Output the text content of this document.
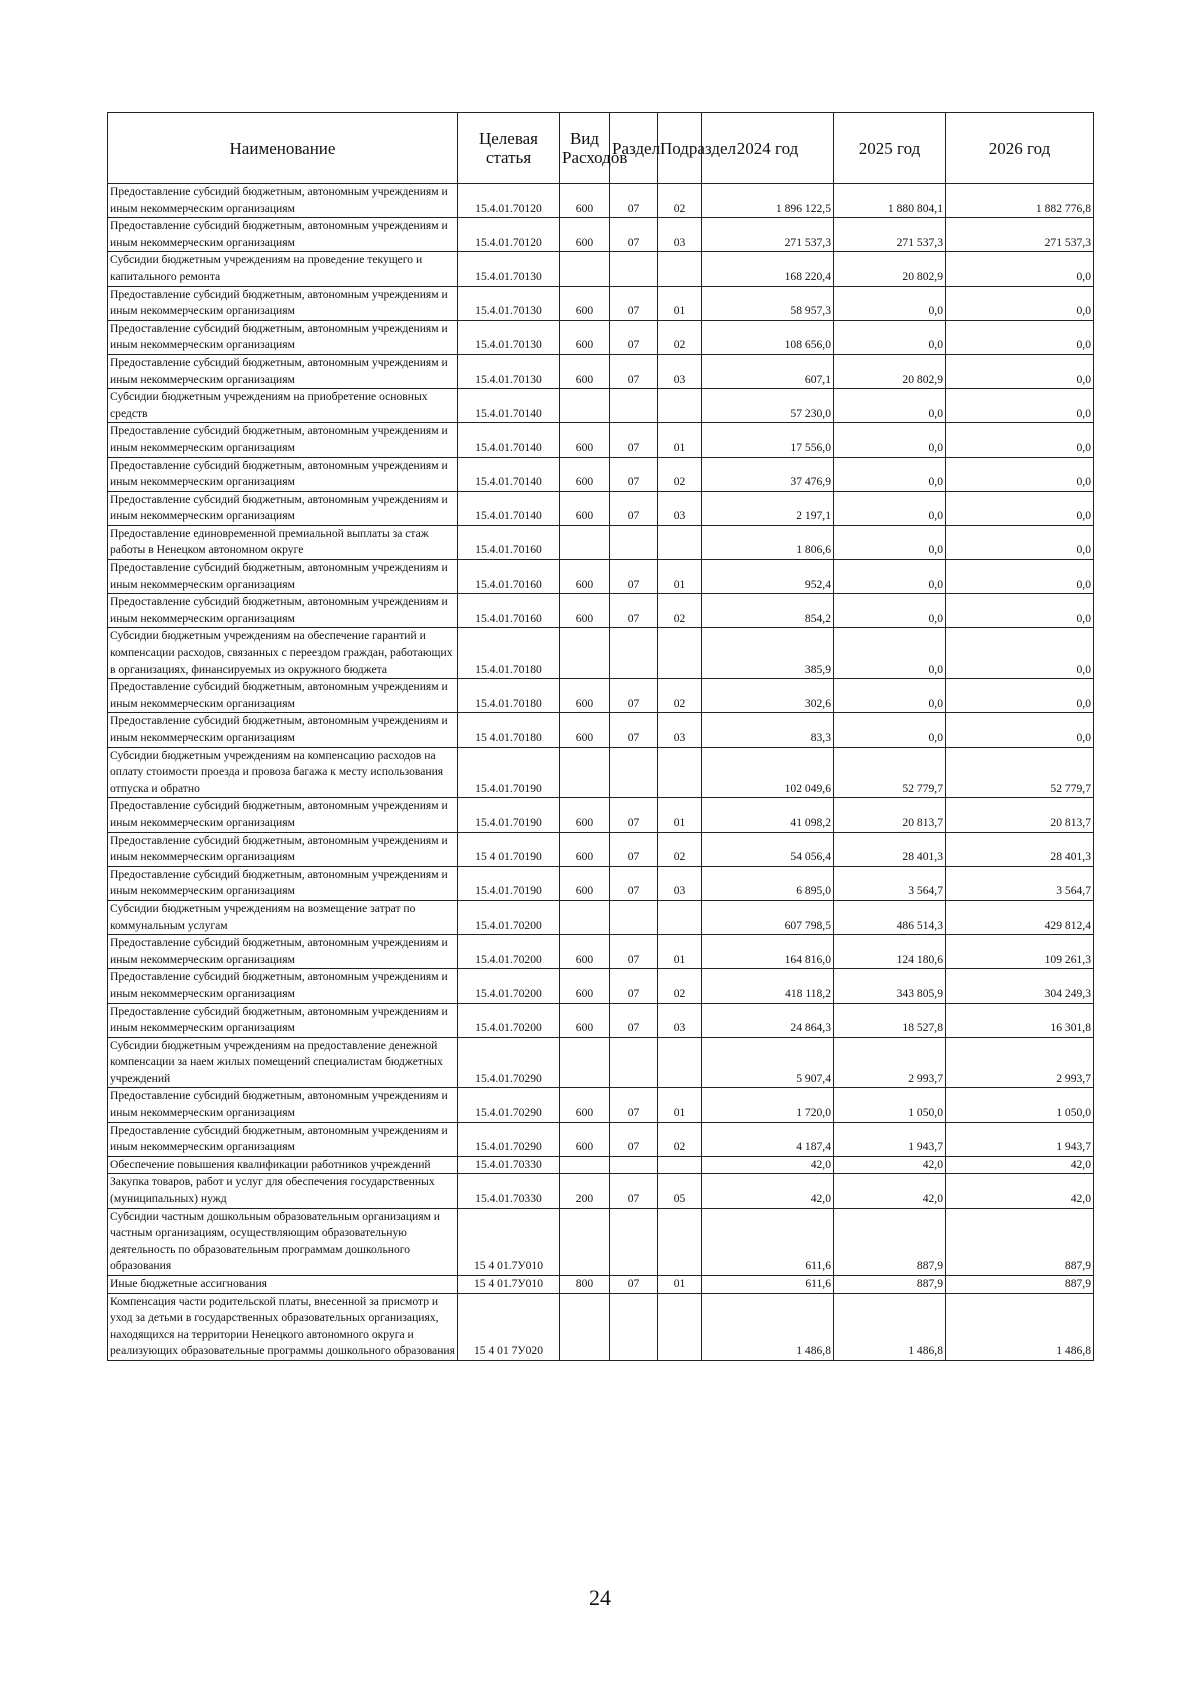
Наименование	Целевая статья	Вид Расходов	Раздел	Подраздел	2024 год	2025 год	2026 год
Предоставление субсидий бюджетным, автономным учреждениям и иным некоммерческим организациям	15.4.01.70120	600	07	02	1 896 122,5	1 880 804,1	1 882 776,8
Предоставление субсидий бюджетным, автономным учреждениям и иным некоммерческим организациям	15.4.01.70120	600	07	03	271 537,3	271 537,3	271 537,3
Субсидии бюджетным учреждениям на проведение текущего и капитального ремонта	15.4.01.70130				168 220,4	20 802,9	0,0
Предоставление субсидий бюджетным, автономным учреждениям и иным некоммерческим организациям	15.4.01.70130	600	07	01	58 957,3	0,0	0,0
Предоставление субсидий бюджетным, автономным учреждениям и иным некоммерческим организациям	15.4.01.70130	600	07	02	108 656,0	0,0	0,0
Предоставление субсидий бюджетным, автономным учреждениям и иным некоммерческим организациям	15.4.01.70130	600	07	03	607,1	20 802,9	0,0
Субсидии бюджетным учреждениям на приобретение основных средств	15.4.01.70140				57 230,0	0,0	0,0
Предоставление субсидий бюджетным, автономным учреждениям и иным некоммерческим организациям	15.4.01.70140	600	07	01	17 556,0	0,0	0,0
Предоставление субсидий бюджетным, автономным учреждениям и иным некоммерческим организациям	15.4.01.70140	600	07	02	37 476,9	0,0	0,0
Предоставление субсидий бюджетным, автономным учреждениям и иным некоммерческим организациям	15.4.01.70140	600	07	03	2 197,1	0,0	0,0
Предоставление единовременной премиальной выплаты за стаж работы в Ненецком автономном округе	15.4.01.70160				1 806,6	0,0	0,0
Предоставление субсидий бюджетным, автономным учреждениям и иным некоммерческим организациям	15.4.01.70160	600	07	01	952,4	0,0	0,0
Предоставление субсидий бюджетным, автономным учреждениям и иным некоммерческим организациям	15.4.01.70160	600	07	02	854,2	0,0	0,0
Субсидии бюджетным учреждениям на обеспечение гарантий и компенсации расходов, связанных с переездом граждан, работающих в организациях, финансируемых из окружного бюджета	15.4.01.70180				385,9	0,0	0,0
Предоставление субсидий бюджетным, автономным учреждениям и иным некоммерческим организациям	15.4.01.70180	600	07	02	302,6	0,0	0,0
Предоставление субсидий бюджетным, автономным учреждениям и иным некоммерческим организациям	15 4.01.70180	600	07	03	83,3	0,0	0,0
Субсидии бюджетным учреждениям на компенсацию расходов на оплату стоимости проезда и провоза багажа к месту использования отпуска и обратно	15.4.01.70190				102 049,6	52 779,7	52 779,7
Предоставление субсидий бюджетным, автономным учреждениям и иным некоммерческим организациям	15.4.01.70190	600	07	01	41 098,2	20 813,7	20 813,7
Предоставление субсидий бюджетным, автономным учреждениям и иным некоммерческим организациям	15 4 01.70190	600	07	02	54 056,4	28 401,3	28 401,3
Предоставление субсидий бюджетным, автономным учреждениям и иным некоммерческим организациям	15.4.01.70190	600	07	03	6 895,0	3 564,7	3 564,7
Субсидии бюджетным учреждениям на возмещение затрат по коммунальным услугам	15.4.01.70200				607 798,5	486 514,3	429 812,4
Предоставление субсидий бюджетным, автономным учреждениям и иным некоммерческим организациям	15.4.01.70200	600	07	01	164 816,0	124 180,6	109 261,3
Предоставление субсидий бюджетным, автономным учреждениям и иным некоммерческим организациям	15.4.01.70200	600	07	02	418 118,2	343 805,9	304 249,3
Предоставление субсидий бюджетным, автономным учреждениям и иным некоммерческим организациям	15.4.01.70200	600	07	03	24 864,3	18 527,8	16 301,8
Субсидии бюджетным учреждениям на предоставление денежной компенсации за наем жилых помещений специалистам бюджетных учреждений	15.4.01.70290				5 907,4	2 993,7	2 993,7
Предоставление субсидий бюджетным, автономным учреждениям и иным некоммерческим организациям	15.4.01.70290	600	07	01	1 720,0	1 050,0	1 050,0
Предоставление субсидий бюджетным, автономным учреждениям и иным некоммерческим организациям	15.4.01.70290	600	07	02	4 187,4	1 943,7	1 943,7
Обеспечение повышения квалификации работников учреждений	15.4.01.70330				42,0	42,0	42,0
Закупка товаров, работ и услуг для обеспечения государственных (муниципальных) нужд	15.4.01.70330	200	07	05	42,0	42,0	42,0
Субсидии частным дошкольным образовательным организациям и частным организациям, осуществляющим образовательную деятельность по образовательным программам дошкольного образования	15 4 01.7У010				611,6	887,9	887,9
Иные бюджетные ассигнования	15 4 01.7У010	800	07	01	611,6	887,9	887,9
Компенсация части родительской платы, внесенной за присмотр и уход за детьми в государственных образовательных организациях, находящихся на территории Ненецкого автономного округа и реализующих образовательные программы дошкольного образования	15 4 01 7У020				1 486,8	1 486,8	1 486,8
24
